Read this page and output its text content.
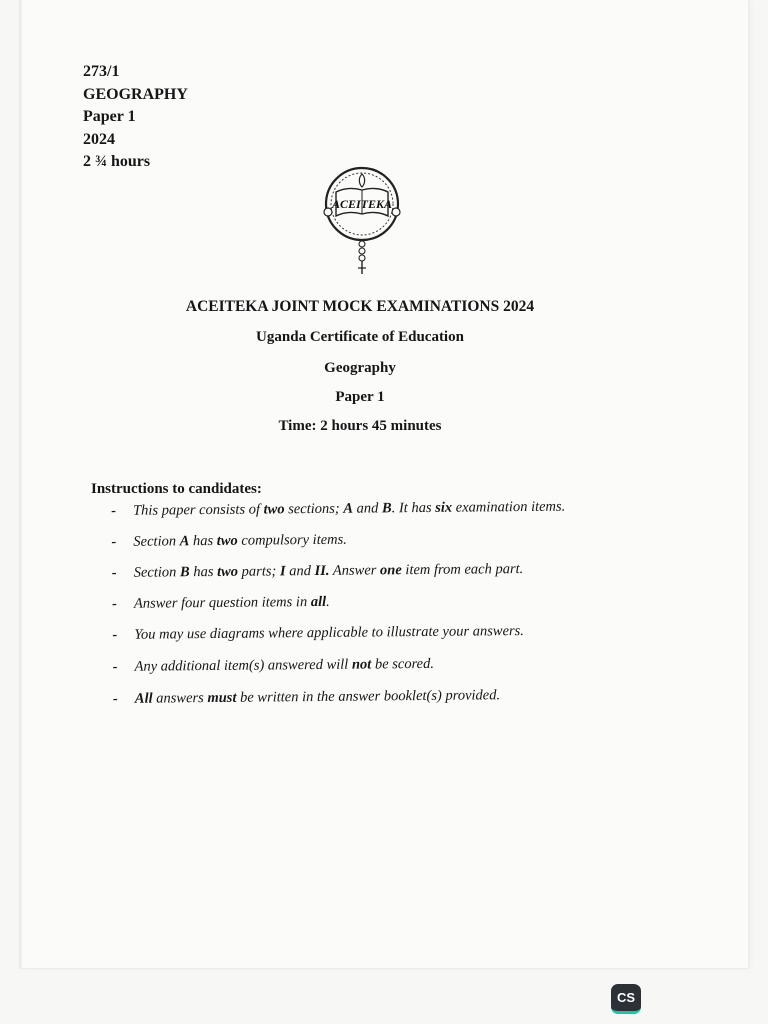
273/1
GEOGRAPHY
Paper 1
2024
2 ¾ hours
ACEITEKA
ACEITEKA JOINT MOCK EXAMINATIONS 2024
Uganda Certificate of Education
Geography
Paper 1
Time: 2 hours 45 minutes
Instructions to candidates:
- This paper consists of two sections; A and B. It has six examination items.
- Section A has two compulsory items.
- Section B has two parts; I and II. Answer one item from each part.
- Answer four question items in all.
- You may use diagrams where applicable to illustrate your answers.
- Any additional item(s) answered will not be scored.
- All answers must be written in the answer booklet(s) provided.
CS
